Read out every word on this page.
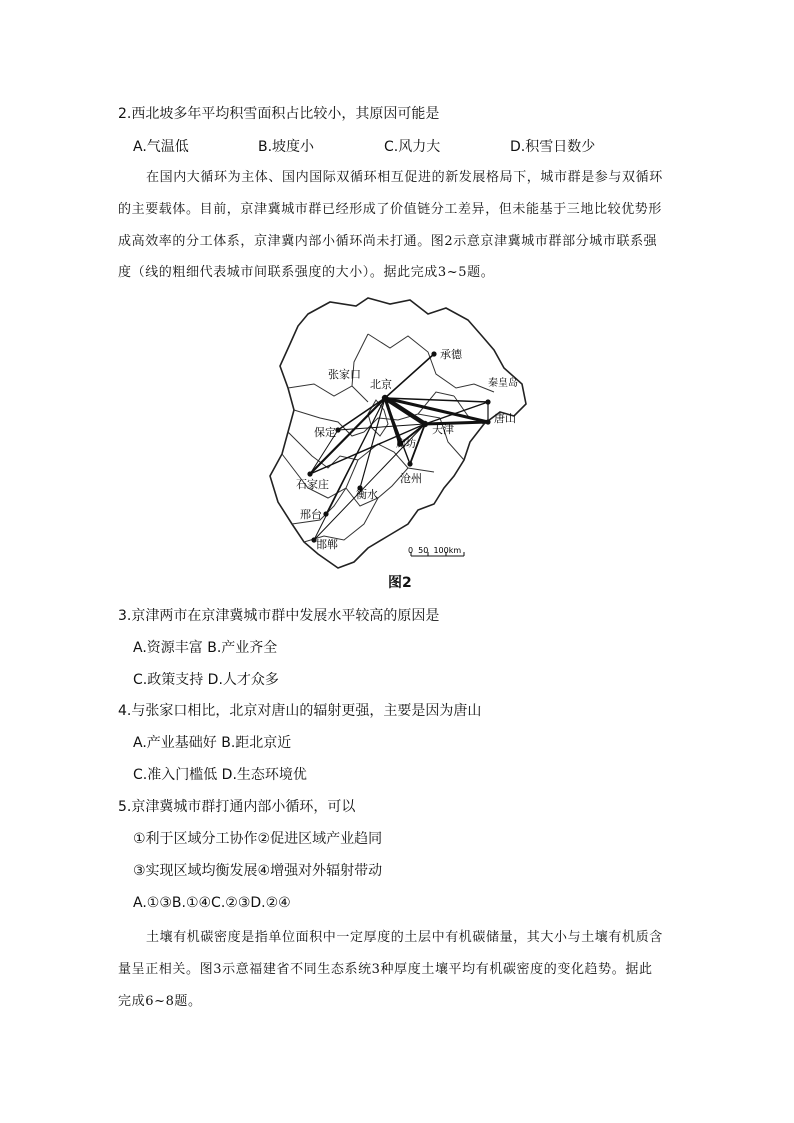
2.西北坡多年平均积雪面积占比较小，其原因可能是
A.气温低	B.坡度小	C.风力大	D.积雪日数少
在国内大循环为主体、国内国际双循环相互促进的新发展格局下，城市群是参与双循环
的主要载体。目前，京津冀城市群已经形成了价值链分工差异，但未能基于三地比较优势形
成高效率的分工体系，京津冀内部小循环尚未打通。图2示意京津冀城市群部分城市联系强
度（线的粗细代表城市间联系强度的大小）。据此完成3~5题。
张家口
北京
承德
秦皇岛
唐山
天津
保定
廊坊
沧州
石家庄
衡水
邢台
邯郸	0  50  100km
图2
3.京津两市在京津冀城市群中发展水平较高的原因是
A.资源丰富 B.产业齐全
C.政策支持 D.人才众多
4.与张家口相比，北京对唐山的辐射更强，主要是因为唐山
A.产业基础好 B.距北京近
C.准入门槛低 D.生态环境优
5.京津冀城市群打通内部小循环，可以
①利于区域分工协作②促进区域产业趋同
③实现区域均衡发展④增强对外辐射带动
A.①③B.①④C.②③D.②④
土壤有机碳密度是指单位面积中一定厚度的土层中有机碳储量，其大小与土壤有机质含
量呈正相关。图3示意福建省不同生态系统3种厚度土壤平均有机碳密度的变化趋势。据此
完成6~8题。
